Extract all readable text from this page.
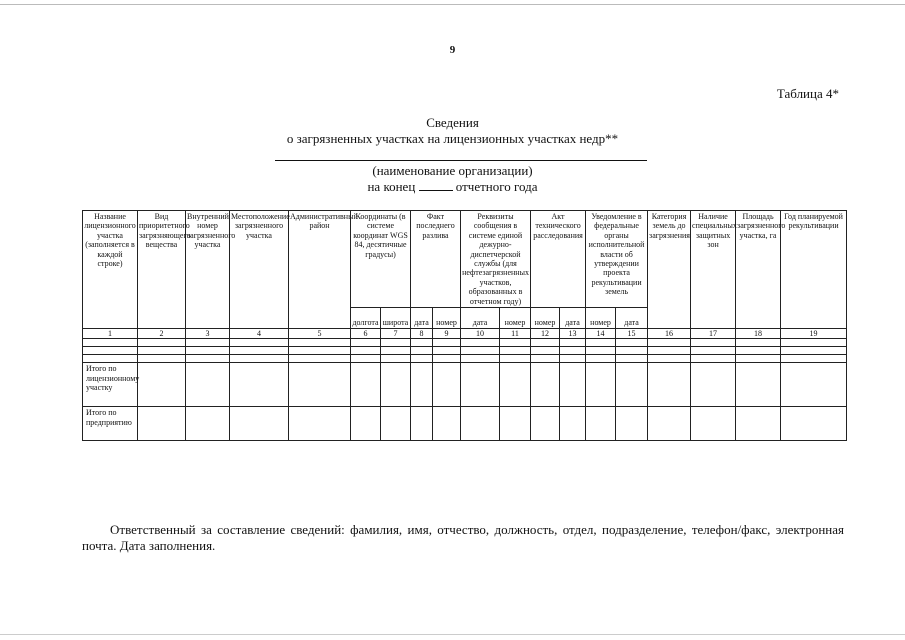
9
Таблица 4*
Сведения
о загрязненных участках на лицензионных участках недр**
(наименование организации)
на конец	отчетного года
Название лицензионного участка (заполняется в каждой строке)	Вид приоритетного загрязняющего вещества	Внутренний номер загрязненного участка	Местоположение загрязненного участка	Административный район	Координаты (в системе координат WGS 84, десятичные градусы)		Факт последнего разлива		Реквизиты сообщения в системе единой дежурно-диспетчерской службы (для нефтезагрязненных участков, образованных в отчетном году)		Акт технического расследования		Уведомление в федеральные органы исполнительной власти об утверждении проекта рекультивации земель		Категория земель до загрязнения	Наличие специальных защитных зон	Площадь загрязненного участка, га	Год планируемой рекультивации
					долгота	широта	дата	номер	дата	номер	номер	дата	номер	дата				
1	2	3	4	5	6	7	8	9	10	11	12	13	14	15	16	17	18	19

Итого по лицензионному участку																		
Итого по предприятию																		
Ответственный за составление сведений: фамилия, имя, отчество, должность, отдел, подразделение, телефон/факс, электронная почта. Дата заполнения.
